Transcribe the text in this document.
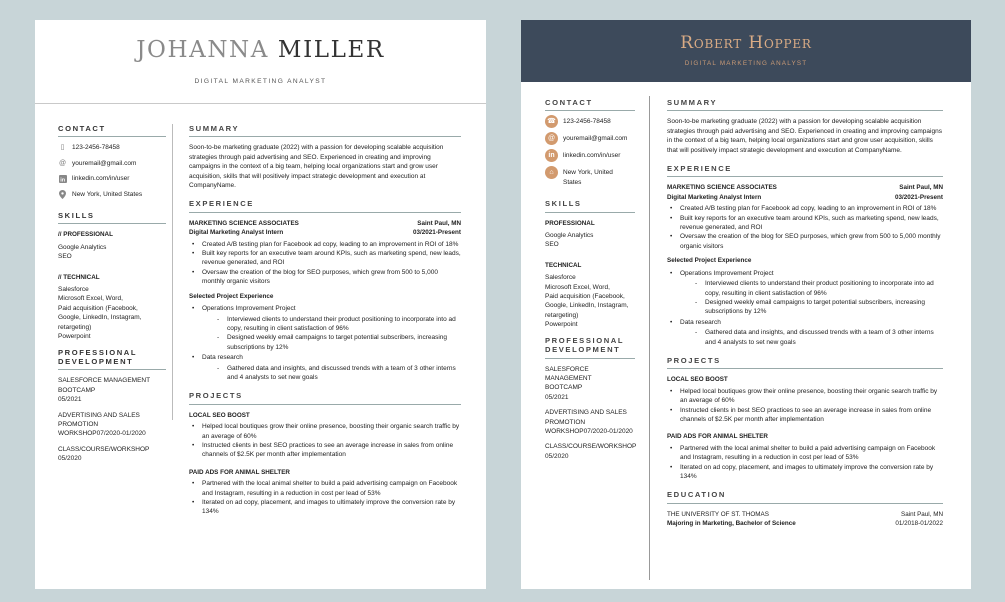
JOHANNA MILLER
DIGITAL MARKETING ANALYST
CONTACT
▯	123-2456-78458
@ youremail@gmail.com
in linkedin.com/in/user
New York, United States
SKILLS
// PROFESSIONAL
Google Analytics
SEO
// TECHNICAL
Salesforce
Microsoft Excel, Word,
Paid acquisition (Facebook,
Google, LinkedIn, Instagram,
retargeting)
Powerpoint
PROFESSIONAL
DEVELOPMENT
SALESFORCE MANAGEMENT
BOOTCAMP
05/2021
ADVERTISING AND SALES
PROMOTION
WORKSHOP07/2020-01/2020
CLASS/COURSE/WORKSHOP
05/2020
SUMMARY
Soon-to-be marketing graduate (2022) with a passion for developing scalable acquisition strategies through paid advertising and SEO. Experienced in creating and improving campaigns in the context of a big team, helping local organizations start and grow user acquisition, skills that will positively impact strategic development and execution at CompanyName.
EXPERIENCE
MARKETING SCIENCE ASSOCIATES	Saint Paul, MN
Digital Marketing Analyst Intern	03/2021-Present
• Created A/B testing plan for Facebook ad copy, leading to an improvement in ROI of 18%
• Built key reports for an executive team around KPIs, such as marketing spend, new leads, revenue generated, and ROI
• Oversaw the creation of the blog for SEO purposes, which grew from 500 to 5,000 monthly organic visitors
Selected Project Experience
• Operations Improvement Project
- Interviewed clients to understand their product positioning to incorporate into ad copy, resulting in client satisfaction of 96%
- Designed weekly email campaigns to target potential subscribers, increasing subscriptions by 12%
• Data research
- Gathered data and insights, and discussed trends with a team of 3 other interns and 4 analysts to set new goals
PROJECTS
LOCAL SEO BOOST
• Helped local boutiques grow their online presence, boosting their organic search traffic by an average of 60%
• Instructed clients in best SEO practices to see an average increase in sales from online channels of $2.5K per month after implementation
PAID ADS FOR ANIMAL SHELTER
• Partnered with the local animal shelter to build a paid advertising campaign on Facebook and Instagram, resulting in a reduction in cost per lead of 53%
• Iterated on ad copy, placement, and images to ultimately improve the conversion rate by 134%
Robert Hopper
DIGITAL MARKETING ANALYST
CONTACT
☎	123-2456-78458
@	youremail@gmail.com
in	linkedin.com/in/user
⌂	New York, United
States
SKILLS
PROFESSIONAL
Google Analytics
SEO
TECHNICAL
Salesforce
Microsoft Excel, Word,
Paid acquisition (Facebook,
Google, LinkedIn, Instagram,
retargeting)
Powerpoint
PROFESSIONAL
DEVELOPMENT
SALESFORCE MANAGEMENT
BOOTCAMP
05/2021
ADVERTISING AND SALES
PROMOTION
WORKSHOP07/2020-01/2020
CLASS/COURSE/WORKSHOP
05/2020
SUMMARY
Soon-to-be marketing graduate (2022) with a passion for developing scalable acquisition strategies through paid advertising and SEO. Experienced in creating and improving campaigns in the context of a big team, helping local organizations start and grow user acquisition, skills that will positively impact strategic development and execution at CompanyName.
EXPERIENCE
MARKETING SCIENCE ASSOCIATES	Saint Paul, MN
Digital Marketing Analyst Intern	03/2021-Present
• Created A/B testing plan for Facebook ad copy, leading to an improvement in ROI of 18%
• Built key reports for an executive team around KPIs, such as marketing spend, new leads, revenue generated, and ROI
• Oversaw the creation of the blog for SEO purposes, which grew from 500 to 5,000 monthly organic visitors
Selected Project Experience
• Operations Improvement Project
- Interviewed clients to understand their product positioning to incorporate into ad copy, resulting in client satisfaction of 96%
- Designed weekly email campaigns to target potential subscribers, increasing subscriptions by 12%
• Data research
- Gathered data and insights, and discussed trends with a team of 3 other interns and 4 analysts to set new goals
PROJECTS
LOCAL SEO BOOST
• Helped local boutiques grow their online presence, boosting their organic search traffic by an average of 60%
• Instructed clients in best SEO practices to see an average increase in sales from online channels of $2.5K per month after implementation
PAID ADS FOR ANIMAL SHELTER
• Partnered with the local animal shelter to build a paid advertising campaign on Facebook and Instagram, resulting in a reduction in cost per lead of 53%
• Iterated on ad copy, placement, and images to ultimately improve the conversion rate by 134%
EDUCATION
THE UNIVERSITY OF ST. THOMAS	Saint Paul, MN
Majoring in Marketing, Bachelor of Science	01/2018-01/2022
